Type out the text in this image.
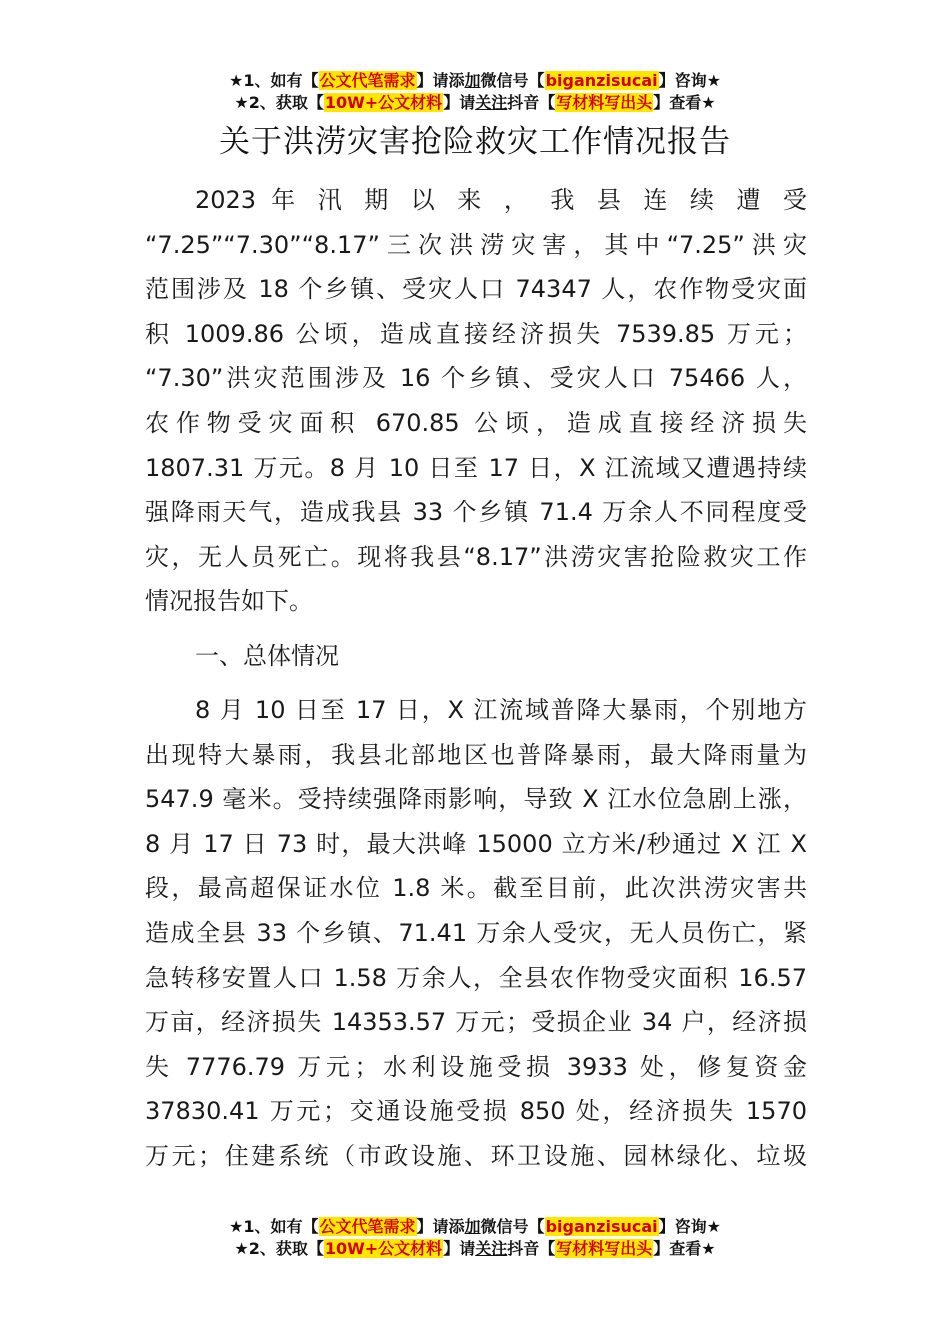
★1、如有【公文代笔需求】请添加微信号【biganzisucai】咨询★
★2、获取【10W+公文材料】请关注抖音【写材料写出头】查看★
关于洪涝灾害抢险救灾工作情况报告
2023 年 汛 期 以 来 ， 我 县 连 续 遭 受
“7.25”“7.30”“8.17”三次洪涝灾害，其中“7.25”洪灾
范围涉及 18 个乡镇、受灾人口 74347 人，农作物受灾面
积 1009.86 公顷，造成直接经济损失 7539.85 万元；
“7.30”洪灾范围涉及 16 个乡镇、受灾人口 75466 人，
农作物受灾面积 670.85 公顷，造成直接经济损失
1807.31 万元。8 月 10 日至 17 日，X 江流域又遭遇持续
强降雨天气，造成我县 33 个乡镇 71.4 万余人不同程度受
灾，无人员死亡。现将我县“8.17”洪涝灾害抢险救灾工作
情况报告如下。
一、总体情况
8 月 10 日至 17 日，X 江流域普降大暴雨，个别地方
出现特大暴雨，我县北部地区也普降暴雨，最大降雨量为
547.9 毫米。受持续强降雨影响，导致 X 江水位急剧上涨，
8 月 17 日 73 时，最大洪峰 15000 立方米/秒通过 X 江 X
段，最高超保证水位 1.8 米。截至目前，此次洪涝灾害共
造成全县 33 个乡镇、71.41 万余人受灾，无人员伤亡，紧
急转移安置人口 1.58 万余人，全县农作物受灾面积 16.57
万亩，经济损失 14353.57 万元；受损企业 34 户，经济损
失 7776.79 万元；水利设施受损 3933 处，修复资金
37830.41 万元；交通设施受损 850 处，经济损失 1570
万元；住建系统（市政设施、环卫设施、园林绿化、垃圾
★1、如有【公文代笔需求】请添加微信号【biganzisucai】咨询★
★2、获取【10W+公文材料】请关注抖音【写材料写出头】查看★
